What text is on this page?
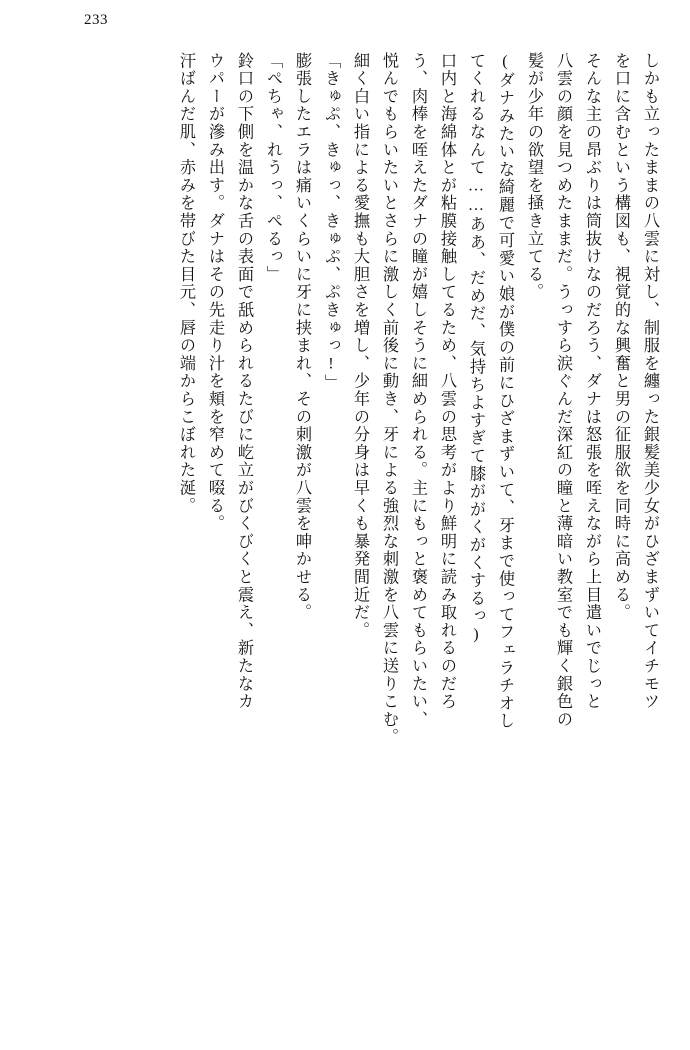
233
しかも立ったままの八雲に対し、制服を纏った銀髪美少女がひざまずいてイチモツ
を口に含むという構図も、視覚的な興奮と男の征服欲を同時に高める。
そんな主の昂ぶりは筒抜けなのだろう、ダナは怒張を咥えながら上目遣いでじっと
八雲の顔を見つめたままだ。うっすら涙ぐんだ深紅の瞳と薄暗い教室でも輝く銀色の
髪が少年の欲望を掻き立てる。
(ダナみたいな綺麗で可愛い娘が僕の前にひざまずいて、牙まで使ってフェラチオし
てくれるなんて……ああ、だめだ、気持ちよすぎて膝ががくがくするっ)
口内と海綿体とが粘膜接触してるため、八雲の思考がより鮮明に読み取れるのだろ
う、肉棒を咥えたダナの瞳が嬉しそうに細められる。主にもっと褒めてもらいたい、
悦んでもらいたいとさらに激しく前後に動き、牙による強烈な刺激を八雲に送りこむ。
細く白い指による愛撫も大胆さを増し、少年の分身は早くも暴発間近だ。
「きゅぷ、きゅっ、きゅぷ、ぷきゅっ!」
膨張したエラは痛いくらいに牙に挟まれ、その刺激が八雲を呻かせる。
「ぺちゃ、れうっ、ぺるっ」
鈴口の下側を温かな舌の表面で舐められるたびに屹立がびくびくと震え、新たなカ
ウパーが滲み出す。ダナはその先走り汁を頬を窄めて啜る。
汗ばんだ肌、赤みを帯びた目元、唇の端からこぼれた涎。
